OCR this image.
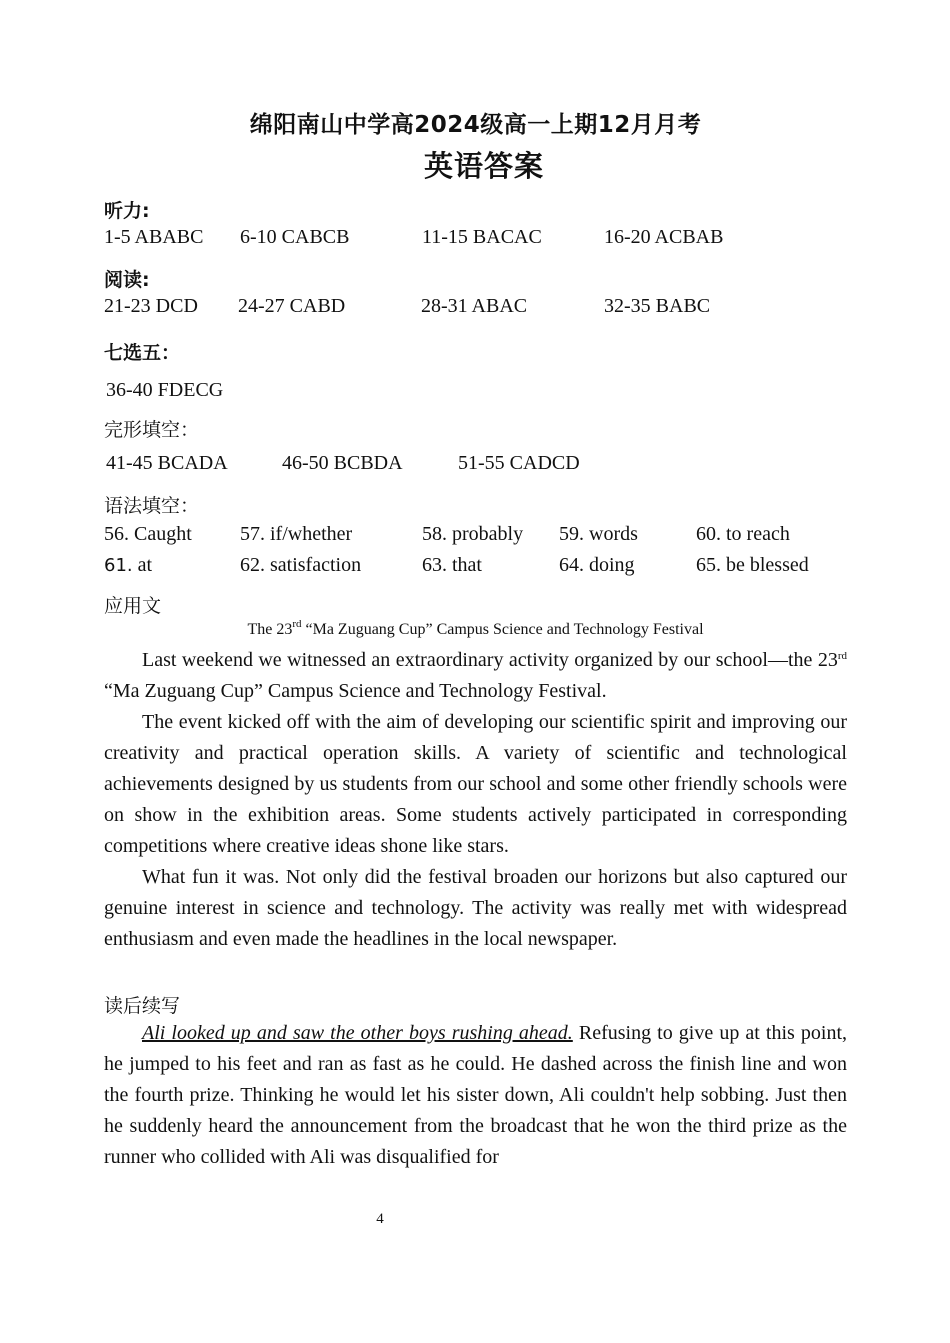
绵阳南山中学高2024级高一上期12月月考
英语答案
听力:
1-5 ABABC 6-10 CABCB	11-15 BACAC	16-20 ACBAB
阅读:
21-23 DCD 24-27 CABD	28-31 ABAC	32-35 BABC
七选五：
36-40 FDECG
完形填空：
41-45 BCADA	46-50 BCBDA	51-55 CADCD
语法填空：
56. Caught 57. if/whether	58. probably 59. words	60. to reach
61. at	62. satisfaction	63. that	64. doing	65. be blessed
应用文
The 23rd “Ma Zuguang Cup” Campus Science and Technology Festival

Last weekend we witnessed an extraordinary activity organized by our school—the 23rd “Ma Zuguang Cup” Campus Science and Technology Festival.

The event kicked off with the aim of developing our scientific spirit and improving our creativity and practical operation skills. A variety of scientific and technological achievements designed by us students from our school and some other friendly schools were on show in the exhibition areas. Some students actively participated in corresponding competitions where creative ideas shone like stars.

What fun it was. Not only did the festival broaden our horizons but also captured our genuine interest in science and technology. The activity was really met with widespread enthusiasm and even made the headlines in the local newspaper.

读后续写

Ali looked up and saw the other boys rushing ahead. Refusing to give up at this point, he jumped to his feet and ran as fast as he could. He dashed across the finish line and won the fourth prize. Thinking he would let his sister down, Ali couldn't help sobbing. Just then he suddenly heard the announcement from the broadcast that he won the third prize as the runner who collided with Ali was disqualified for

4
